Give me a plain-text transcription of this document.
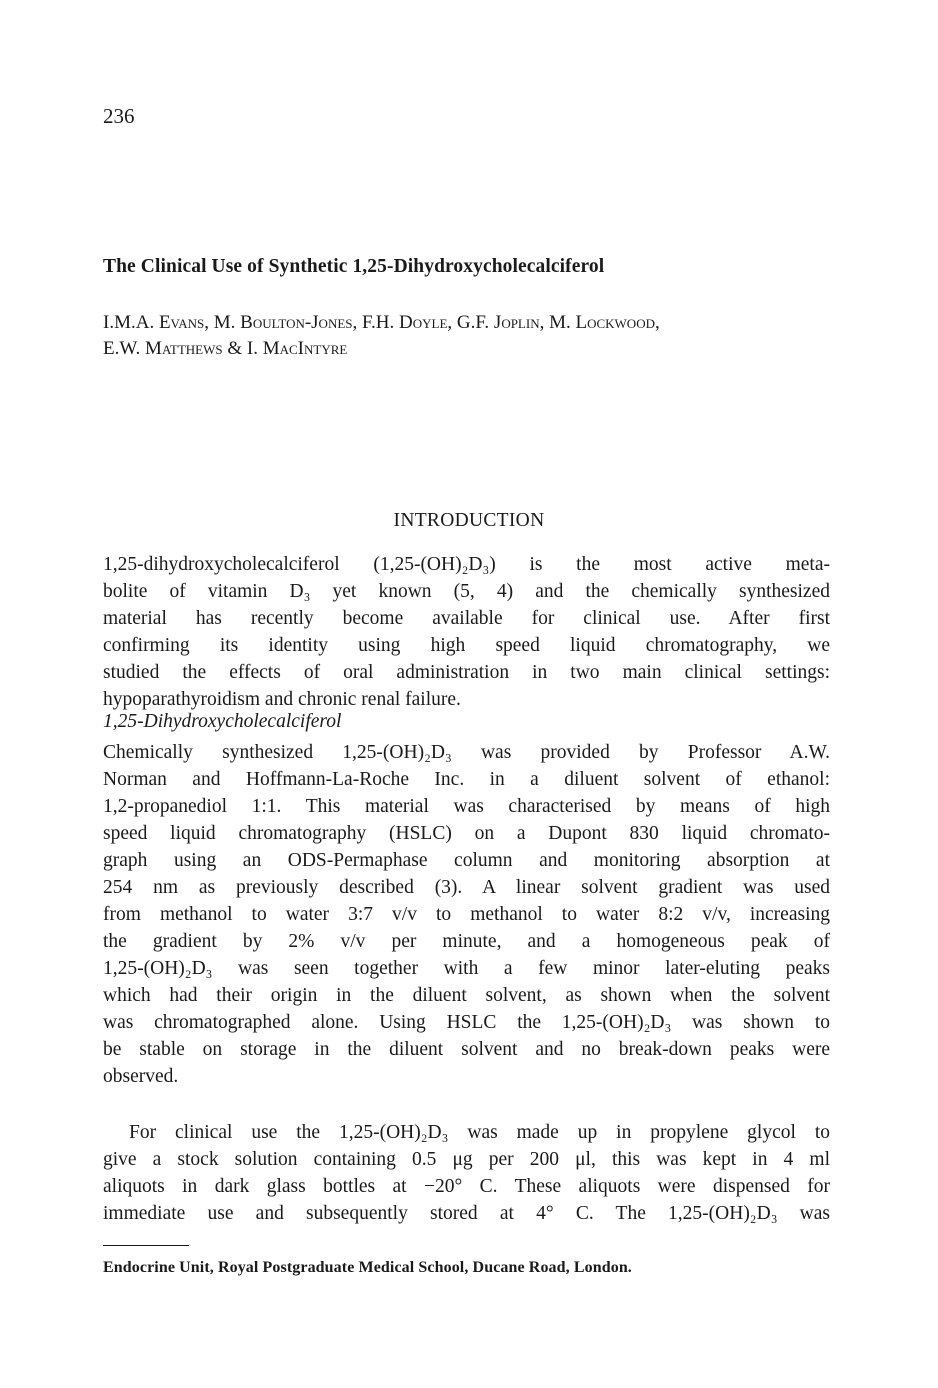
236
The Clinical Use of Synthetic 1,25-Dihydroxycholecalciferol
I.M.A. Evans, M. Boulton-Jones, F.H. Doyle, G.F. Joplin, M. Lockwood,
E.W. Matthews & I. MacIntyre
INTRODUCTION
1,25-dihydroxycholecalciferol (1,25-(OH)₂D₃) is the most active meta-
bolite of vitamin D₃ yet known (5, 4) and the chemically synthesized
material has recently become available for clinical use. After first
confirming its identity using high speed liquid chromatography, we
studied the effects of oral administration in two main clinical settings:
hypoparathyroidism and chronic renal failure.
1,25-Dihydroxycholecalciferol
Chemically synthesized 1,25-(OH)₂D₃ was provided by Professor A.W.
Norman and Hoffmann-La-Roche Inc. in a diluent solvent of ethanol:
1,2-propanediol 1:1. This material was characterised by means of high
speed liquid chromatography (HSLC) on a Dupont 830 liquid chromato-
graph using an ODS-Permaphase column and monitoring absorption at
254 nm as previously described (3). A linear solvent gradient was used
from methanol to water 3:7 v/v to methanol to water 8:2 v/v, increasing
the gradient by 2% v/v per minute, and a homogeneous peak of
1,25-(OH)₂D₃ was seen together with a few minor later-eluting peaks
which had their origin in the diluent solvent, as shown when the solvent
was chromatographed alone. Using HSLC the 1,25-(OH)₂D₃ was shown to
be stable on storage in the diluent solvent and no break-down peaks were
observed.
For clinical use the 1,25-(OH)₂D₃ was made up in propylene glycol to
give a stock solution containing 0.5 μg per 200 μl, this was kept in 4 ml
aliquots in dark glass bottles at −20° C. These aliquots were dispensed for
immediate use and subsequently stored at 4° C. The 1,25-(OH)₂D₃ was
Endocrine Unit, Royal Postgraduate Medical School, Ducane Road, London.
